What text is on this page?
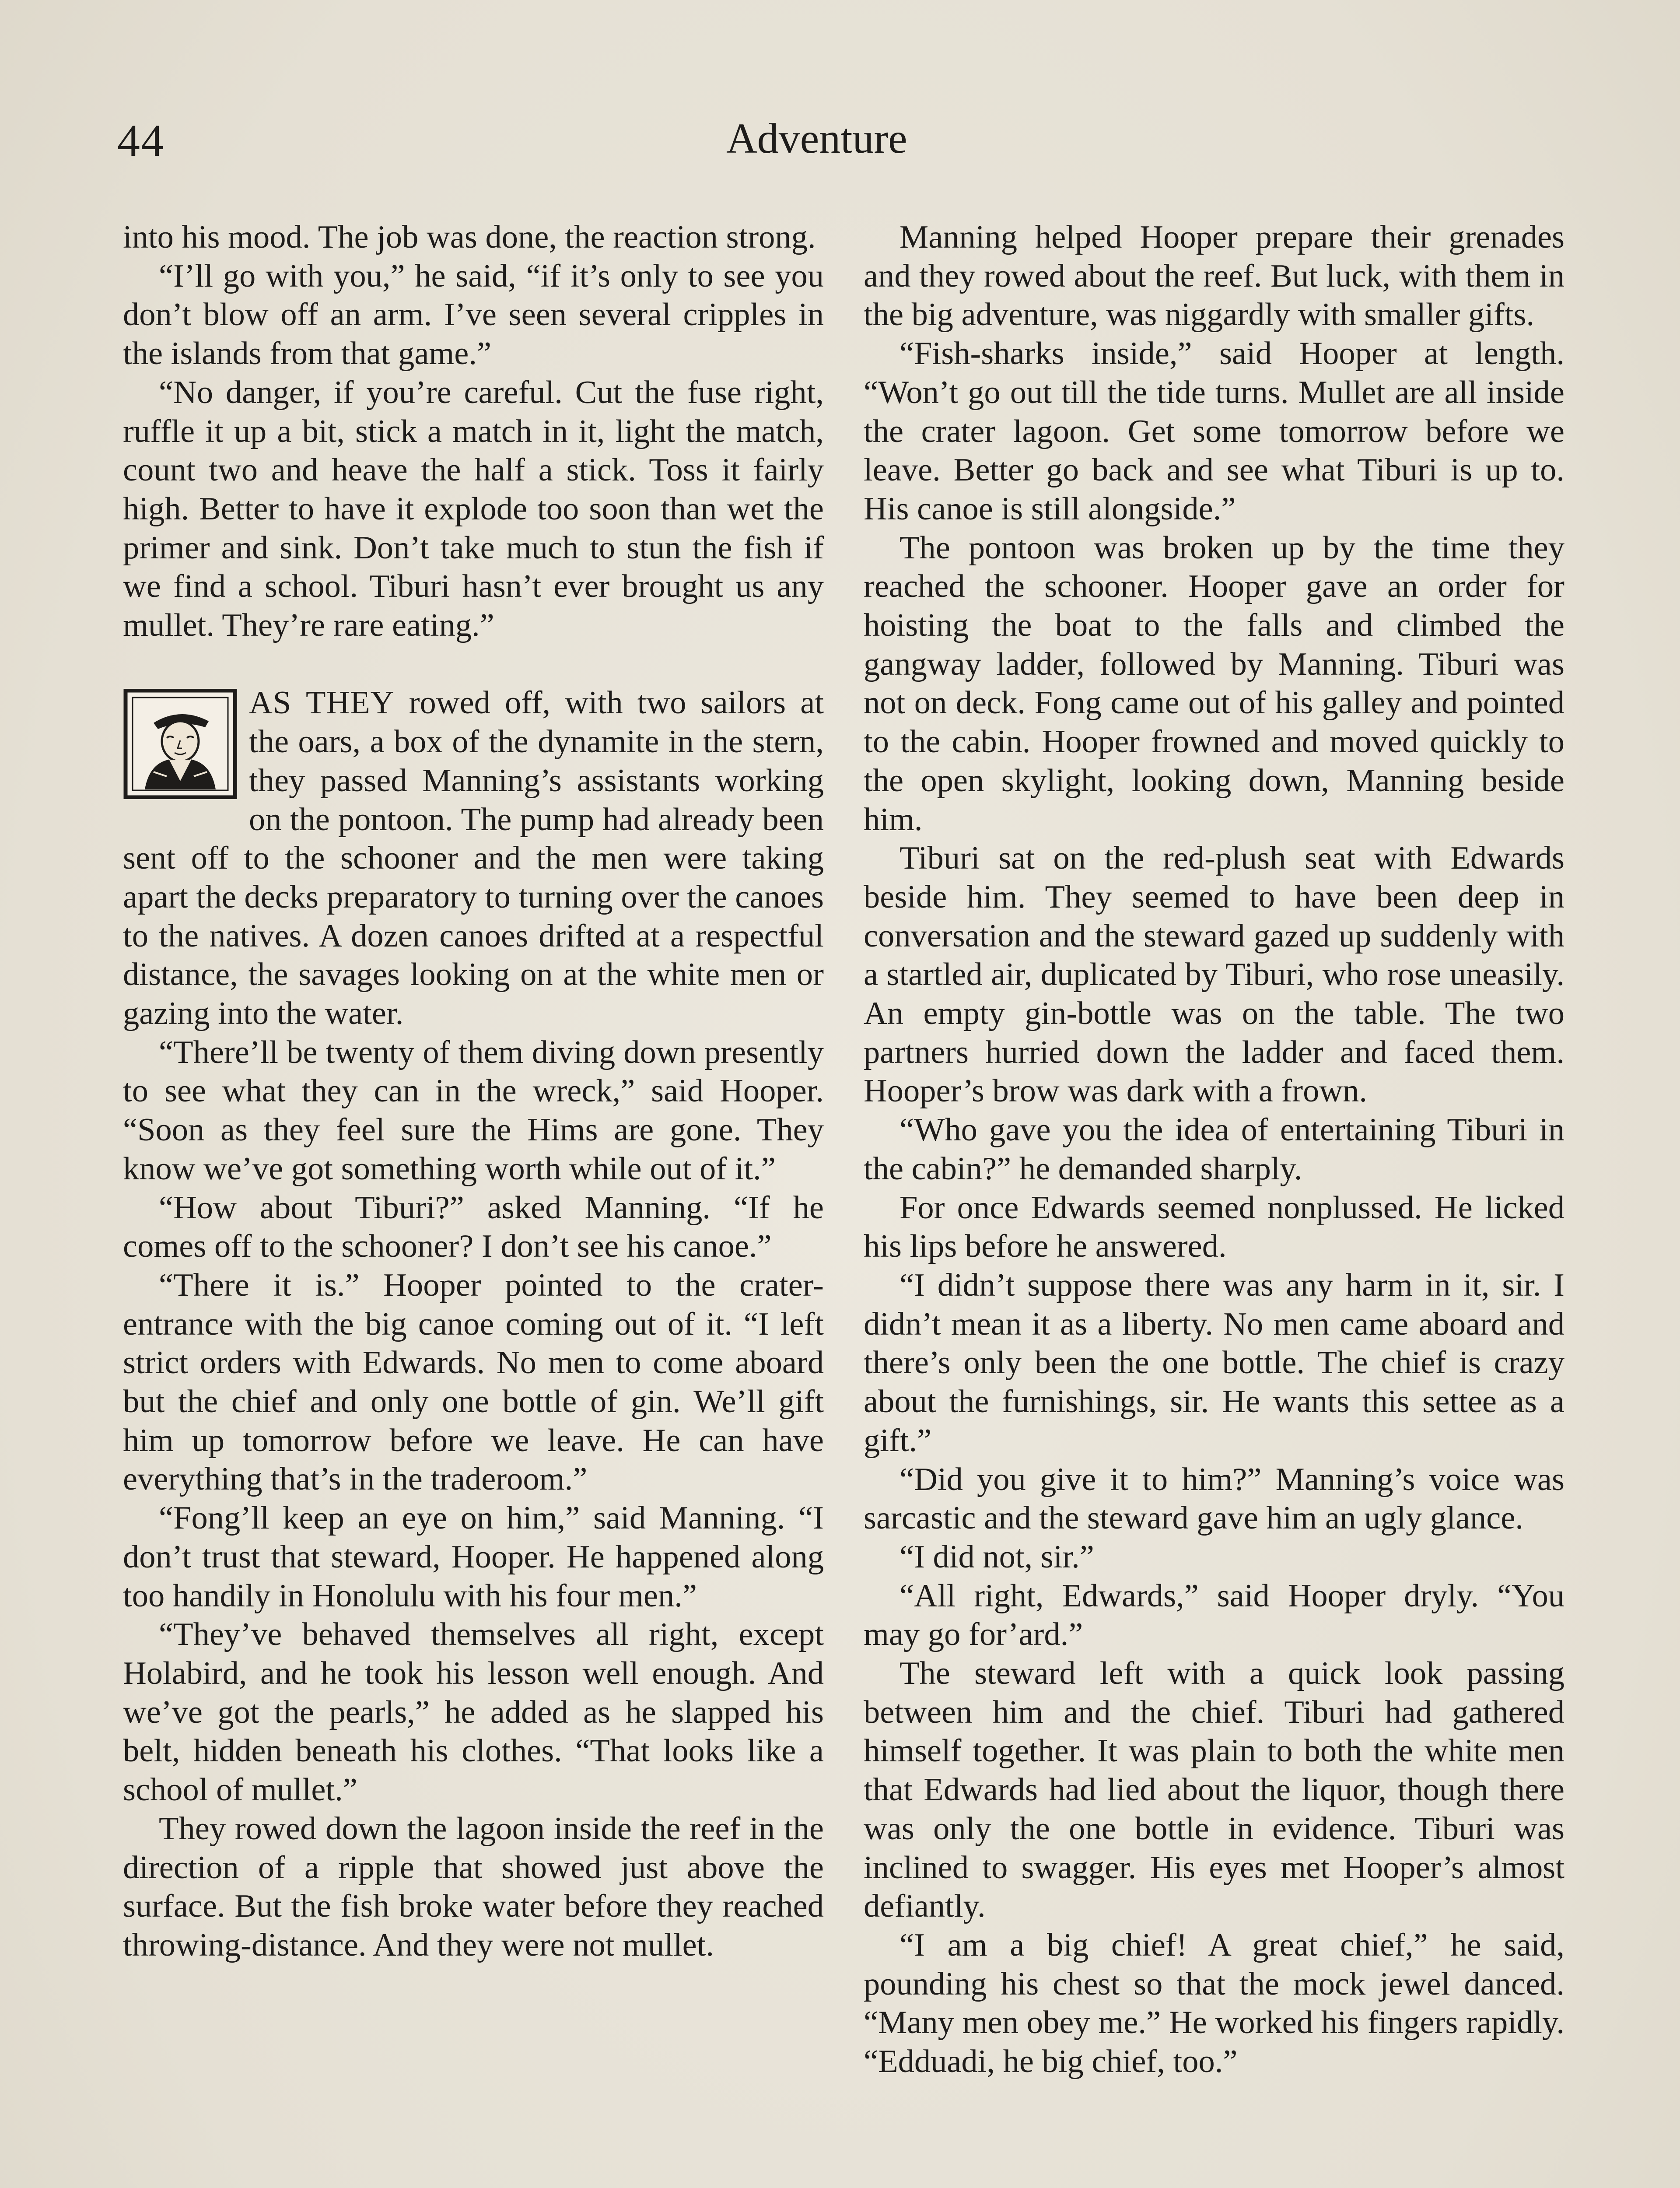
44	Adventure

into his mood. The job was done, the reaction strong.

“I’ll go with you,” he said, “if it’s only to see you don’t blow off an arm. I’ve seen several cripples in the islands from that game.”

“No danger, if you’re careful. Cut the fuse right, ruffle it up a bit, stick a match in it, light the match, count two and heave the half a stick. Toss it fairly high. Better to have it explode too soon than wet the primer and sink. Don’t take much to stun the fish if we find a school. Tiburi hasn’t ever brought us any mullet. They’re rare eating.”

AS THEY rowed off, with two sailors at the oars, a box of the dynamite in the stern, they passed Manning’s assistants working on the pontoon. The pump had already been sent off to the schooner and the men were taking apart the decks preparatory to turning over the canoes to the natives. A dozen canoes drifted at a respectful distance, the savages looking on at the white men or gazing into the water.

“There’ll be twenty of them diving down presently to see what they can in the wreck,” said Hooper. “Soon as they feel sure the Hims are gone. They know we’ve got something worth while out of it.”

“How about Tiburi?” asked Manning. “If he comes off to the schooner? I don’t see his canoe.”

“There it is.” Hooper pointed to the crater-entrance with the big canoe coming out of it. “I left strict orders with Edwards. No men to come aboard but the chief and only one bottle of gin. We’ll gift him up tomorrow before we leave. He can have everything that’s in the traderoom.”

“Fong’ll keep an eye on him,” said Manning. “I don’t trust that steward, Hooper. He happened along too handily in Honolulu with his four men.”

“They’ve behaved themselves all right, except Holabird, and he took his lesson well enough. And we’ve got the pearls,” he added as he slapped his belt, hidden beneath his clothes. “That looks like a school of mullet.”

They rowed down the lagoon inside the reef in the direction of a ripple that showed just above the surface. But the fish broke water before they reached throwing-distance. And they were not mullet.

Manning helped Hooper prepare their grenades and they rowed about the reef. But luck, with them in the big adventure, was niggardly with smaller gifts.

“Fish-sharks inside,” said Hooper at length. “Won’t go out till the tide turns. Mullet are all inside the crater lagoon. Get some tomorrow before we leave. Better go back and see what Tiburi is up to. His canoe is still alongside.”

The pontoon was broken up by the time they reached the schooner. Hooper gave an order for hoisting the boat to the falls and climbed the gangway ladder, followed by Manning. Tiburi was not on deck. Fong came out of his galley and pointed to the cabin. Hooper frowned and moved quickly to the open skylight, looking down, Manning beside him.

Tiburi sat on the red-plush seat with Edwards beside him. They seemed to have been deep in conversation and the steward gazed up suddenly with a startled air, duplicated by Tiburi, who rose uneasily. An empty gin-bottle was on the table. The two partners hurried down the ladder and faced them. Hooper’s brow was dark with a frown.

“Who gave you the idea of entertaining Tiburi in the cabin?” he demanded sharply.

For once Edwards seemed nonplussed. He licked his lips before he answered.

“I didn’t suppose there was any harm in it, sir. I didn’t mean it as a liberty. No men came aboard and there’s only been the one bottle. The chief is crazy about the furnishings, sir. He wants this settee as a gift.”

“Did you give it to him?” Manning’s voice was sarcastic and the steward gave him an ugly glance.

“I did not, sir.”

“All right, Edwards,” said Hooper dryly. “You may go for’ard.”

The steward left with a quick look passing between him and the chief. Tiburi had gathered himself together. It was plain to both the white men that Edwards had lied about the liquor, though there was only the one bottle in evidence. Tiburi was inclined to swagger. His eyes met Hooper’s almost defiantly.

“I am a big chief! A great chief,” he said, pounding his chest so that the mock jewel danced. “Many men obey me.” He worked his fingers rapidly. “Edduadi, he big chief, too.”
